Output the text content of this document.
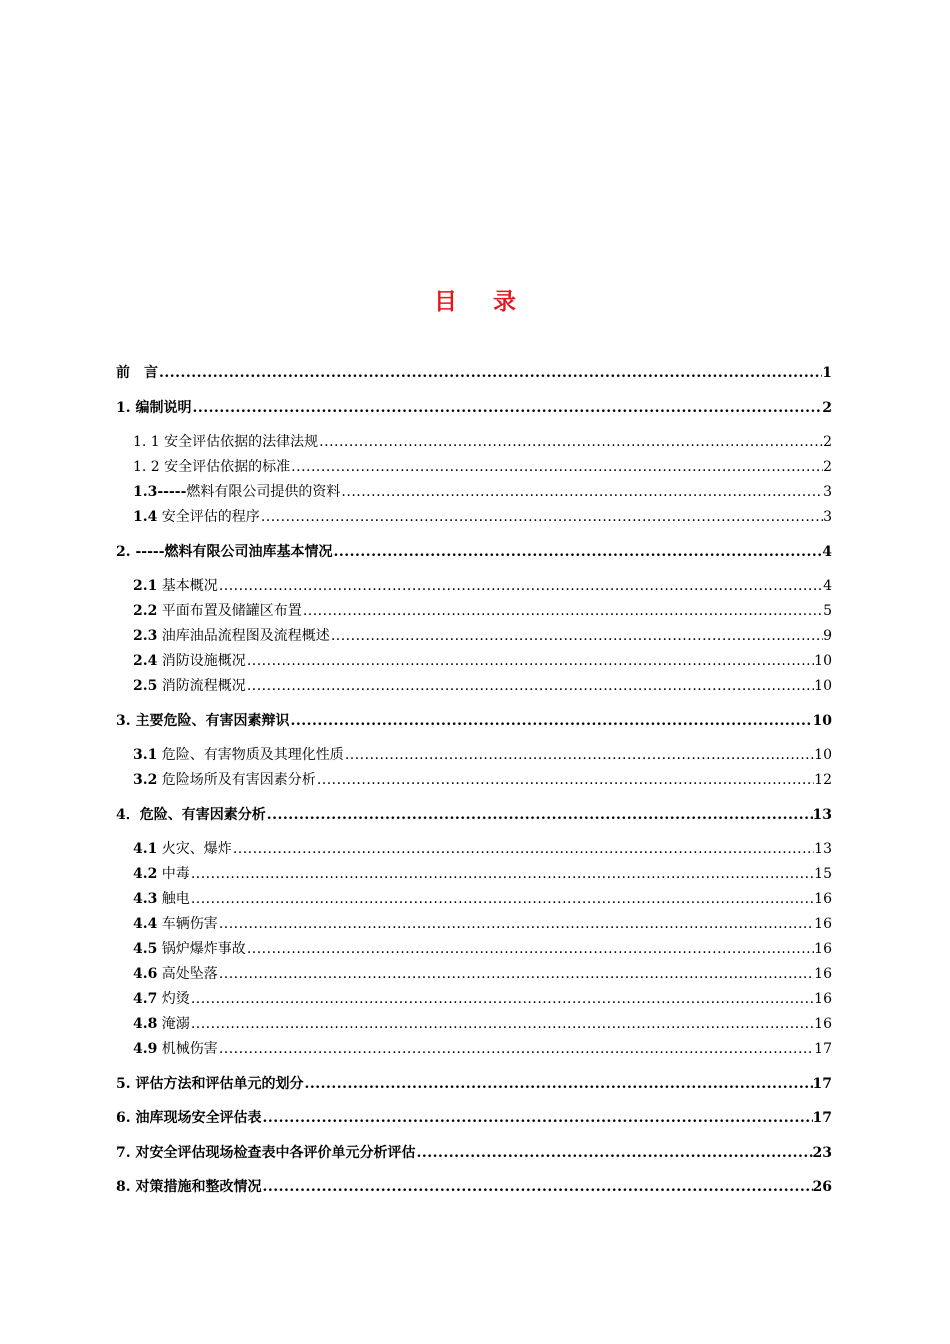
目 录
前　言 .....	1
1. 编制说明 .....	2
1. 1 安全评估依据的法律法规 .....	2
1. 2 安全评估依据的标准 .....	2
1.3-----燃料有限公司提供的资料 .....	3
1.4 安全评估的程序 .....	3
2. -----燃料有限公司油库基本情况 .....	4
2.1 基本概况 .....	4
2.2 平面布置及储罐区布置 .....	5
2.3 油库油品流程图及流程概述 .....	9
2.4 消防设施概况 .....	10
2.5 消防流程概况 .....	10
3. 主要危险、有害因素辩识 .....	10
3.1 危险、有害物质及其理化性质 .....	10
3.2 危险场所及有害因素分析 .....	12
4．危险、有害因素分析 .....	13
4.1 火灾、爆炸 .....	13
4.2 中毒 .....	15
4.3 触电 .....	16
4.4 车辆伤害 .....	16
4.5 锅炉爆炸事故 .....	16
4.6 高处坠落 .....	16
4.7 灼烫 .....	16
4.8 淹溺 .....	16
4.9 机械伤害 .....	17
5. 评估方法和评估单元的划分 .....	17
6. 油库现场安全评估表 .....	17
7. 对安全评估现场检查表中各评价单元分析评估 .....	23
8. 对策措施和整改情况 .....	26
